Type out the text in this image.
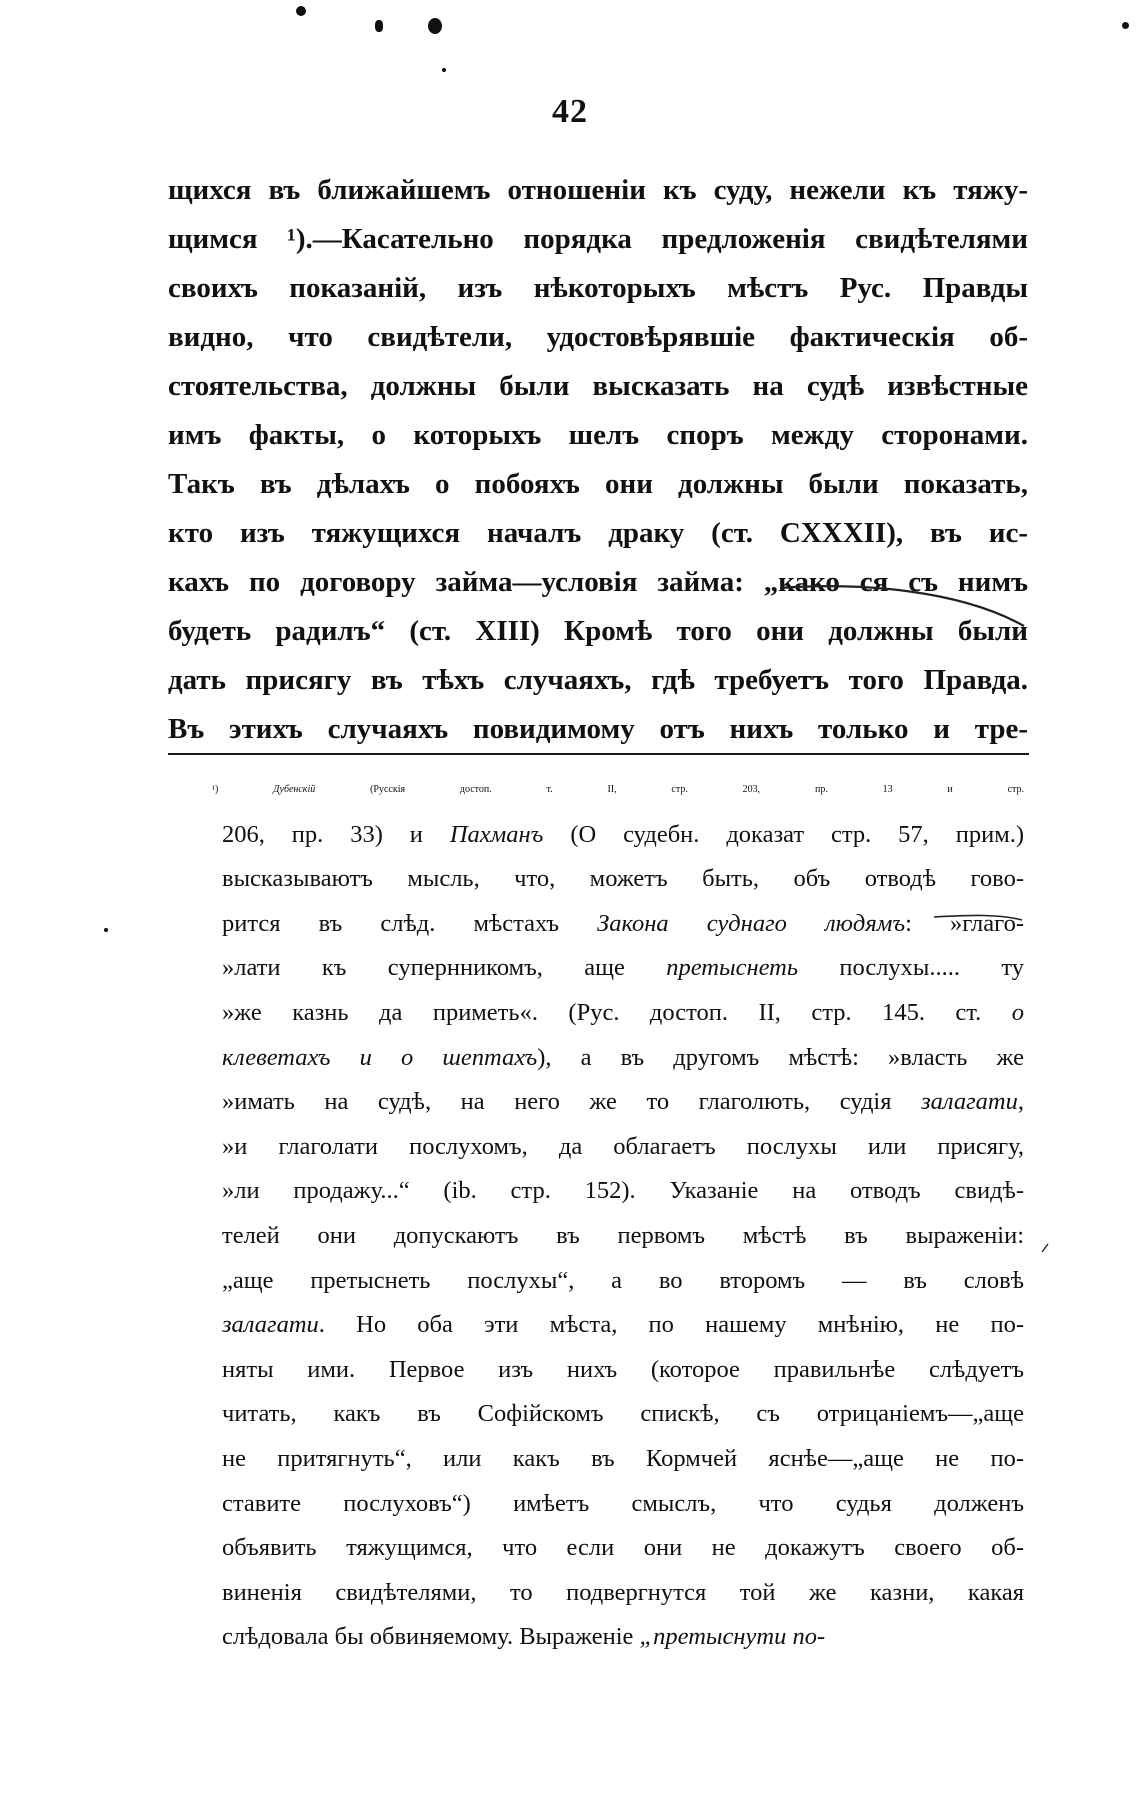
42
щихся въ ближайшемъ отношеніи къ суду, нежели къ тяжу-
щимся ¹).—Касательно порядка предложенія свидѣтелями
своихъ показаній, изъ нѣкоторыхъ мѣстъ Рус. Правды
видно, что свидѣтели, удостовѣрявшіе фактическія об-
стоятельства, должны были высказать на судѣ извѣстные
имъ факты, о которыхъ шелъ споръ между сторонами.
Такъ въ дѣлахъ о побояхъ они должны были показать,
кто изъ тяжущихся началъ драку (ст. CXXXII), въ ис-
кахъ по договору займа—условія займа: „како ся съ нимъ
будеть радилъ“ (ст. XIII) Кромѣ того они должны были
дать присягу въ тѣхъ случаяхъ, гдѣ требуетъ того Правда.
Въ этихъ случаяхъ повидимому отъ нихъ только и тре-
¹) Дубенскій (Русскія достоп. т. II, стр. 203, пр. 13 и стр.
206, пр. 33) и Пахманъ (О судебн. доказат стр. 57, прим.)
высказываютъ мысль, что, можетъ быть, объ отводѣ гово-
рится въ слѣд. мѣстахъ Закона суднаго людямъ: »глаго-
»лати къ супернникомъ, аще претыснеть послухы..... ту
»же казнь да приметь«. (Рус. достоп. II, стр. 145. ст. о
клеветахъ и о шептахъ), а въ другомъ мѣстѣ: »власть же
»имать на судѣ, на него же то глаголють, судія залагати,
»и глаголати послухомъ, да облагаетъ послухы или присягу,
»ли продажу...“ (ib. стр. 152). Указаніе на отводъ свидѣ-
телей они допускаютъ въ первомъ мѣстѣ въ выраженіи:
„аще претыснеть послухы“, а во второмъ — въ словѣ
залагати. Но оба эти мѣста, по нашему мнѣнію, не по-
няты ими. Первое изъ нихъ (которое правильнѣе слѣдуетъ
читать, какъ въ Софійскомъ спискѣ, съ отрицаніемъ—„аще
не притягнуть“, или какъ въ Кормчей яснѣе—„аще не по-
ставите послуховъ“) имѣетъ смыслъ, что судья долженъ
объявить тяжущимся, что если они не докажутъ своего об-
виненія свидѣтелями, то подвергнутся той же казни, какая
слѣдовала бы обвиняемому. Выраженіе „претыснути по-
